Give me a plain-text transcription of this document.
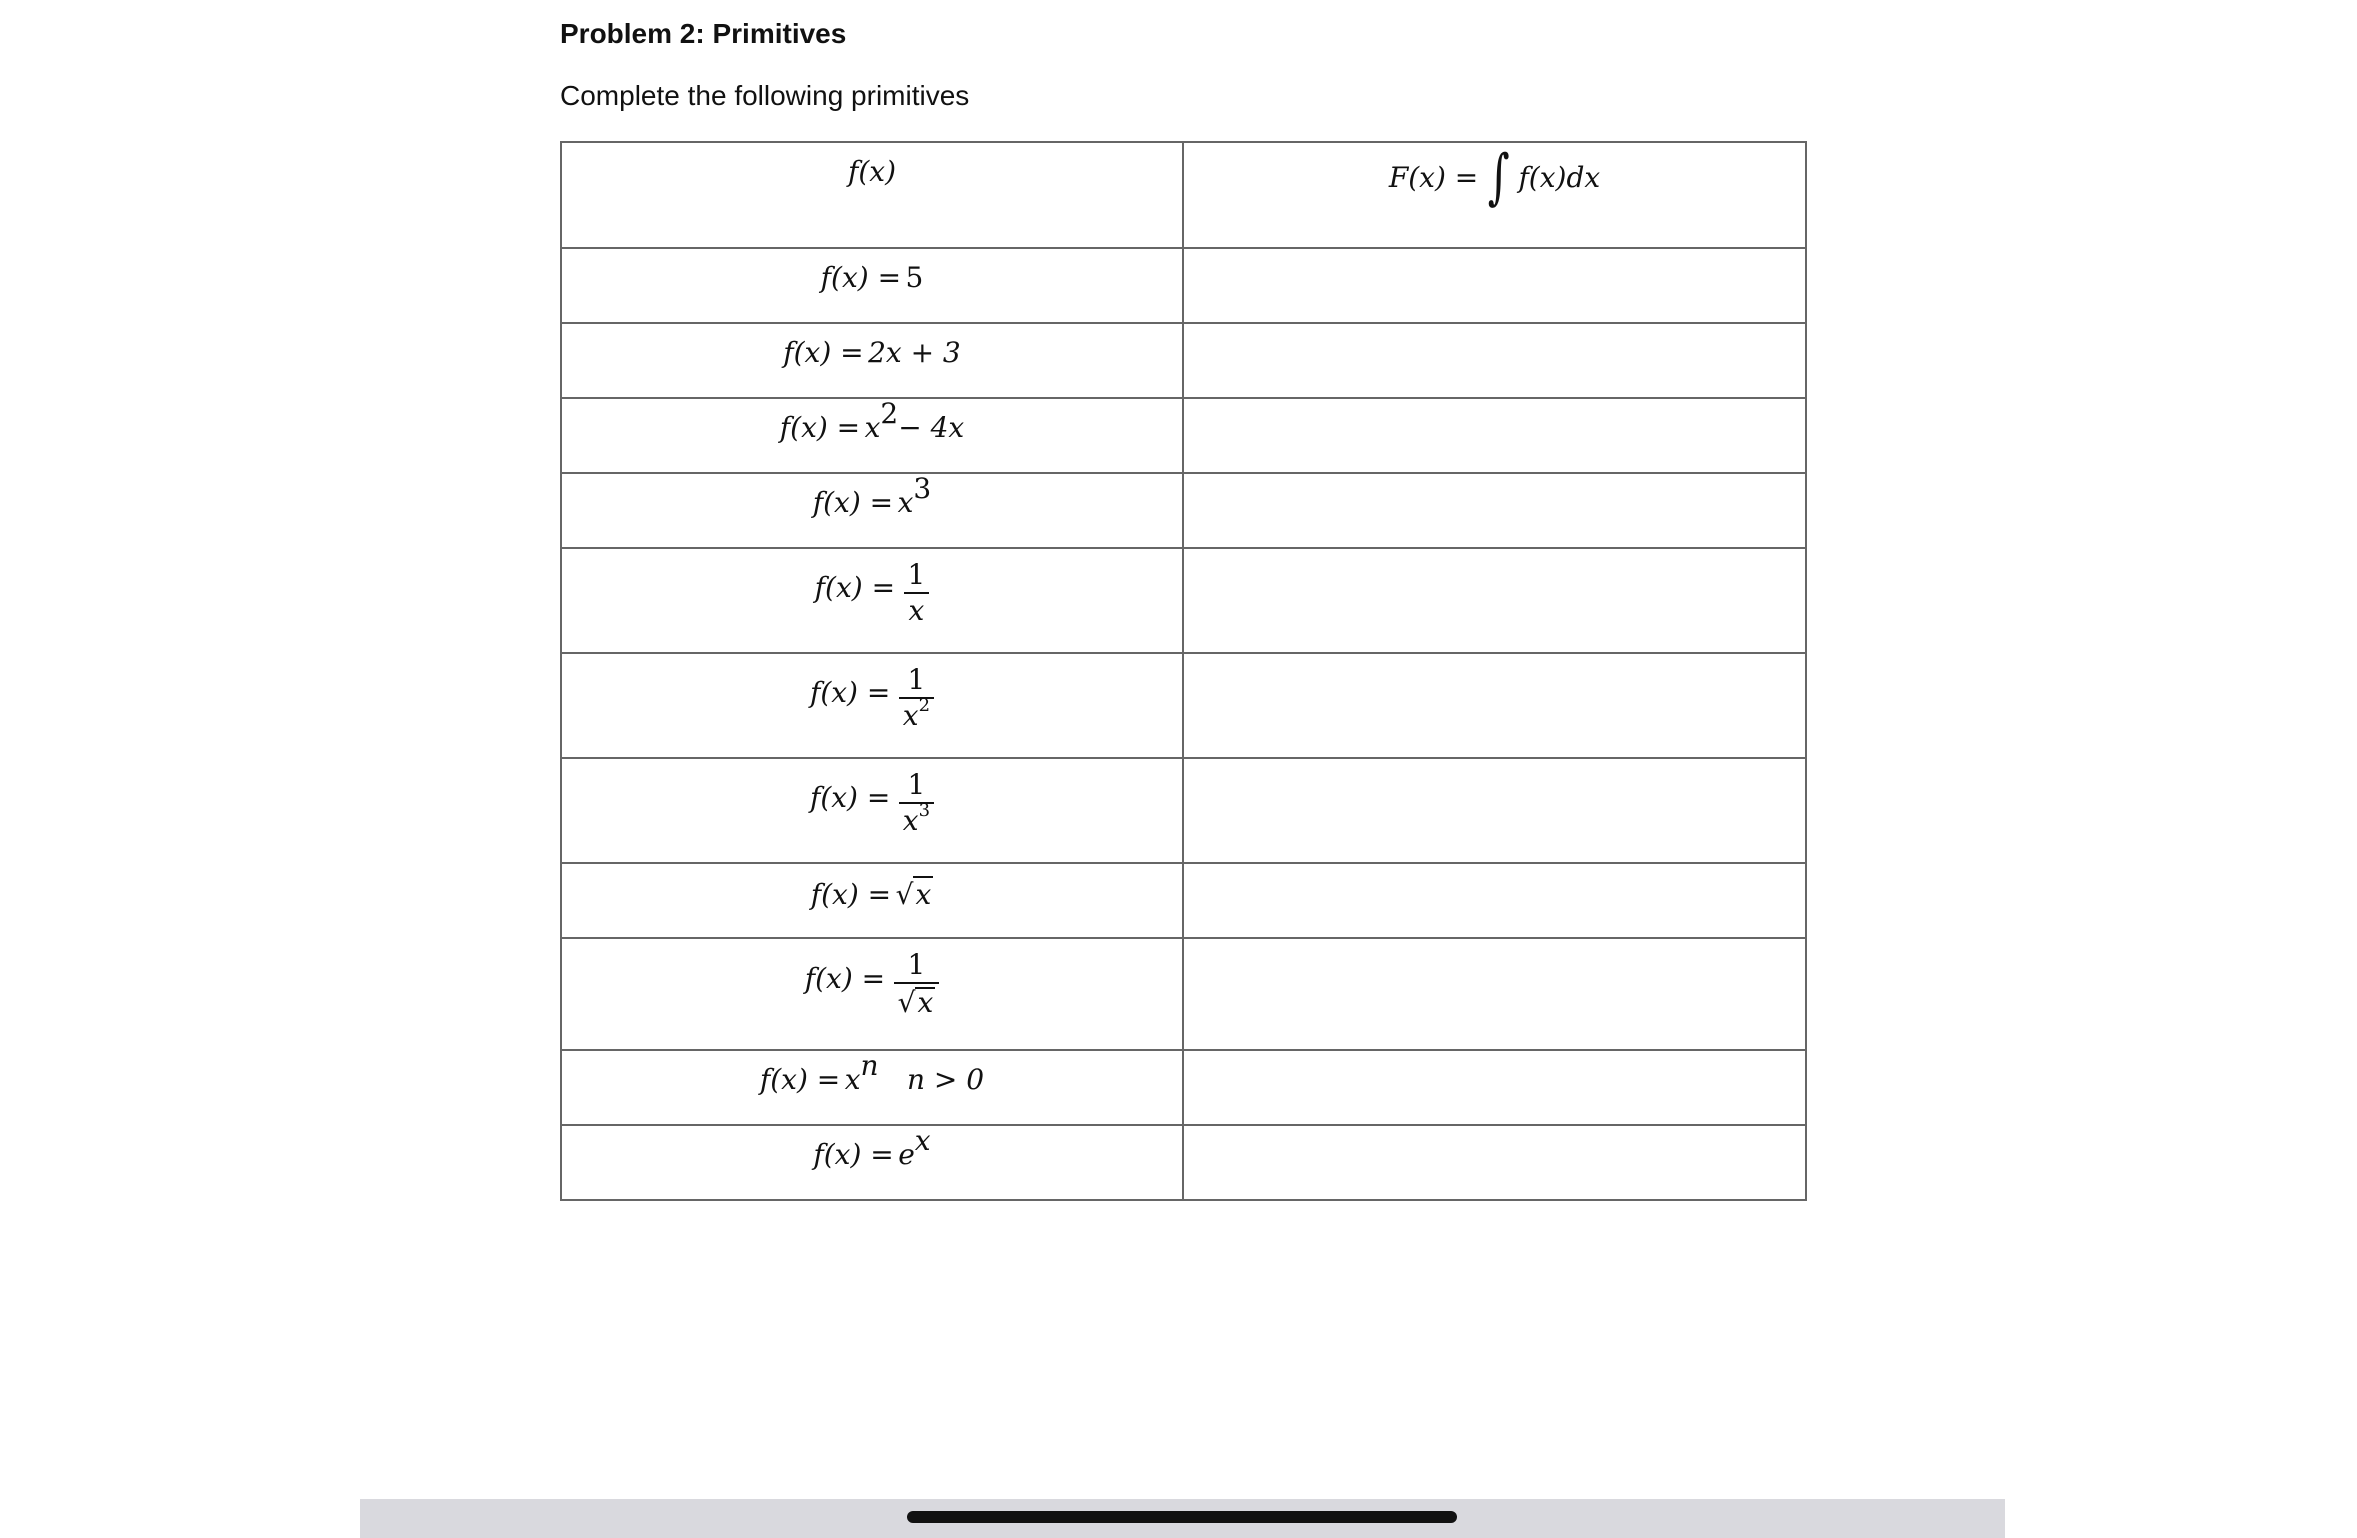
Problem 2: Primitives
Complete the following primitives
f(x)	F(x) = ∫ f(x)dx
f(x) = 5	
f(x) = 2x + 3	
$f(x) = x^2- 4x$	
$f(x) = x^3$	
$f(x) = \frac{1}{x}$

$f(x) = \frac{1}{x^2}$

$f(x) = \frac{1}{x^3}$

f(x) = √x	
$f(x) = \frac{1}{√x}$

$f(x) = x^n$ n > 0	
$f(x) = e^x$	
